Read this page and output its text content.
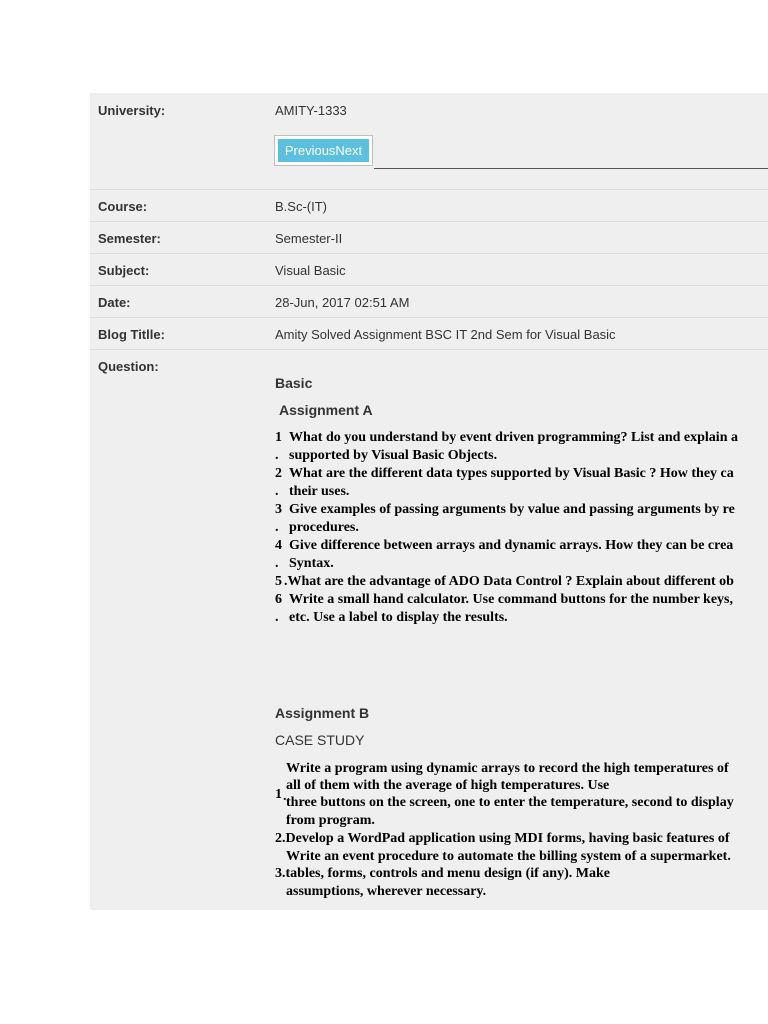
University:	AMITY-1333
PreviousNext
Course:	B.Sc-(IT)
Semester:	Semester-II
Subject:	Visual Basic
Date:	28-Jun, 2017 02:51 AM
Blog Titlle:	Amity Solved Assignment BSC IT 2nd Sem for Visual Basic
Question:
Basic
Assignment A
1 What do you understand by event driven programming? List and explain a
. supported by Visual Basic Objects.
2 What are the different data types supported by Visual Basic ? How they ca
. their uses.
3 Give examples of passing arguments by value and passing arguments by re
. procedures.
4 Give difference between arrays and dynamic arrays. How they can be crea
. Syntax.
5 .What are the advantage of ADO Data Control ? Explain about different ob
6 Write a small hand calculator. Use command buttons for the number keys,
. etc. Use a label to display the results.
Assignment B
CASE STUDY
Write a program using dynamic arrays to record the high temperatures of
all of them with the average of high temperatures. Use
1 . three buttons on the screen, one to enter the temperature, second to display
from program.
2.Develop a WordPad application using MDI forms, having basic features of
Write an event procedure to automate the billing system of a supermarket.
3.tables, forms, controls and menu design (if any). Make
assumptions, wherever necessary.
